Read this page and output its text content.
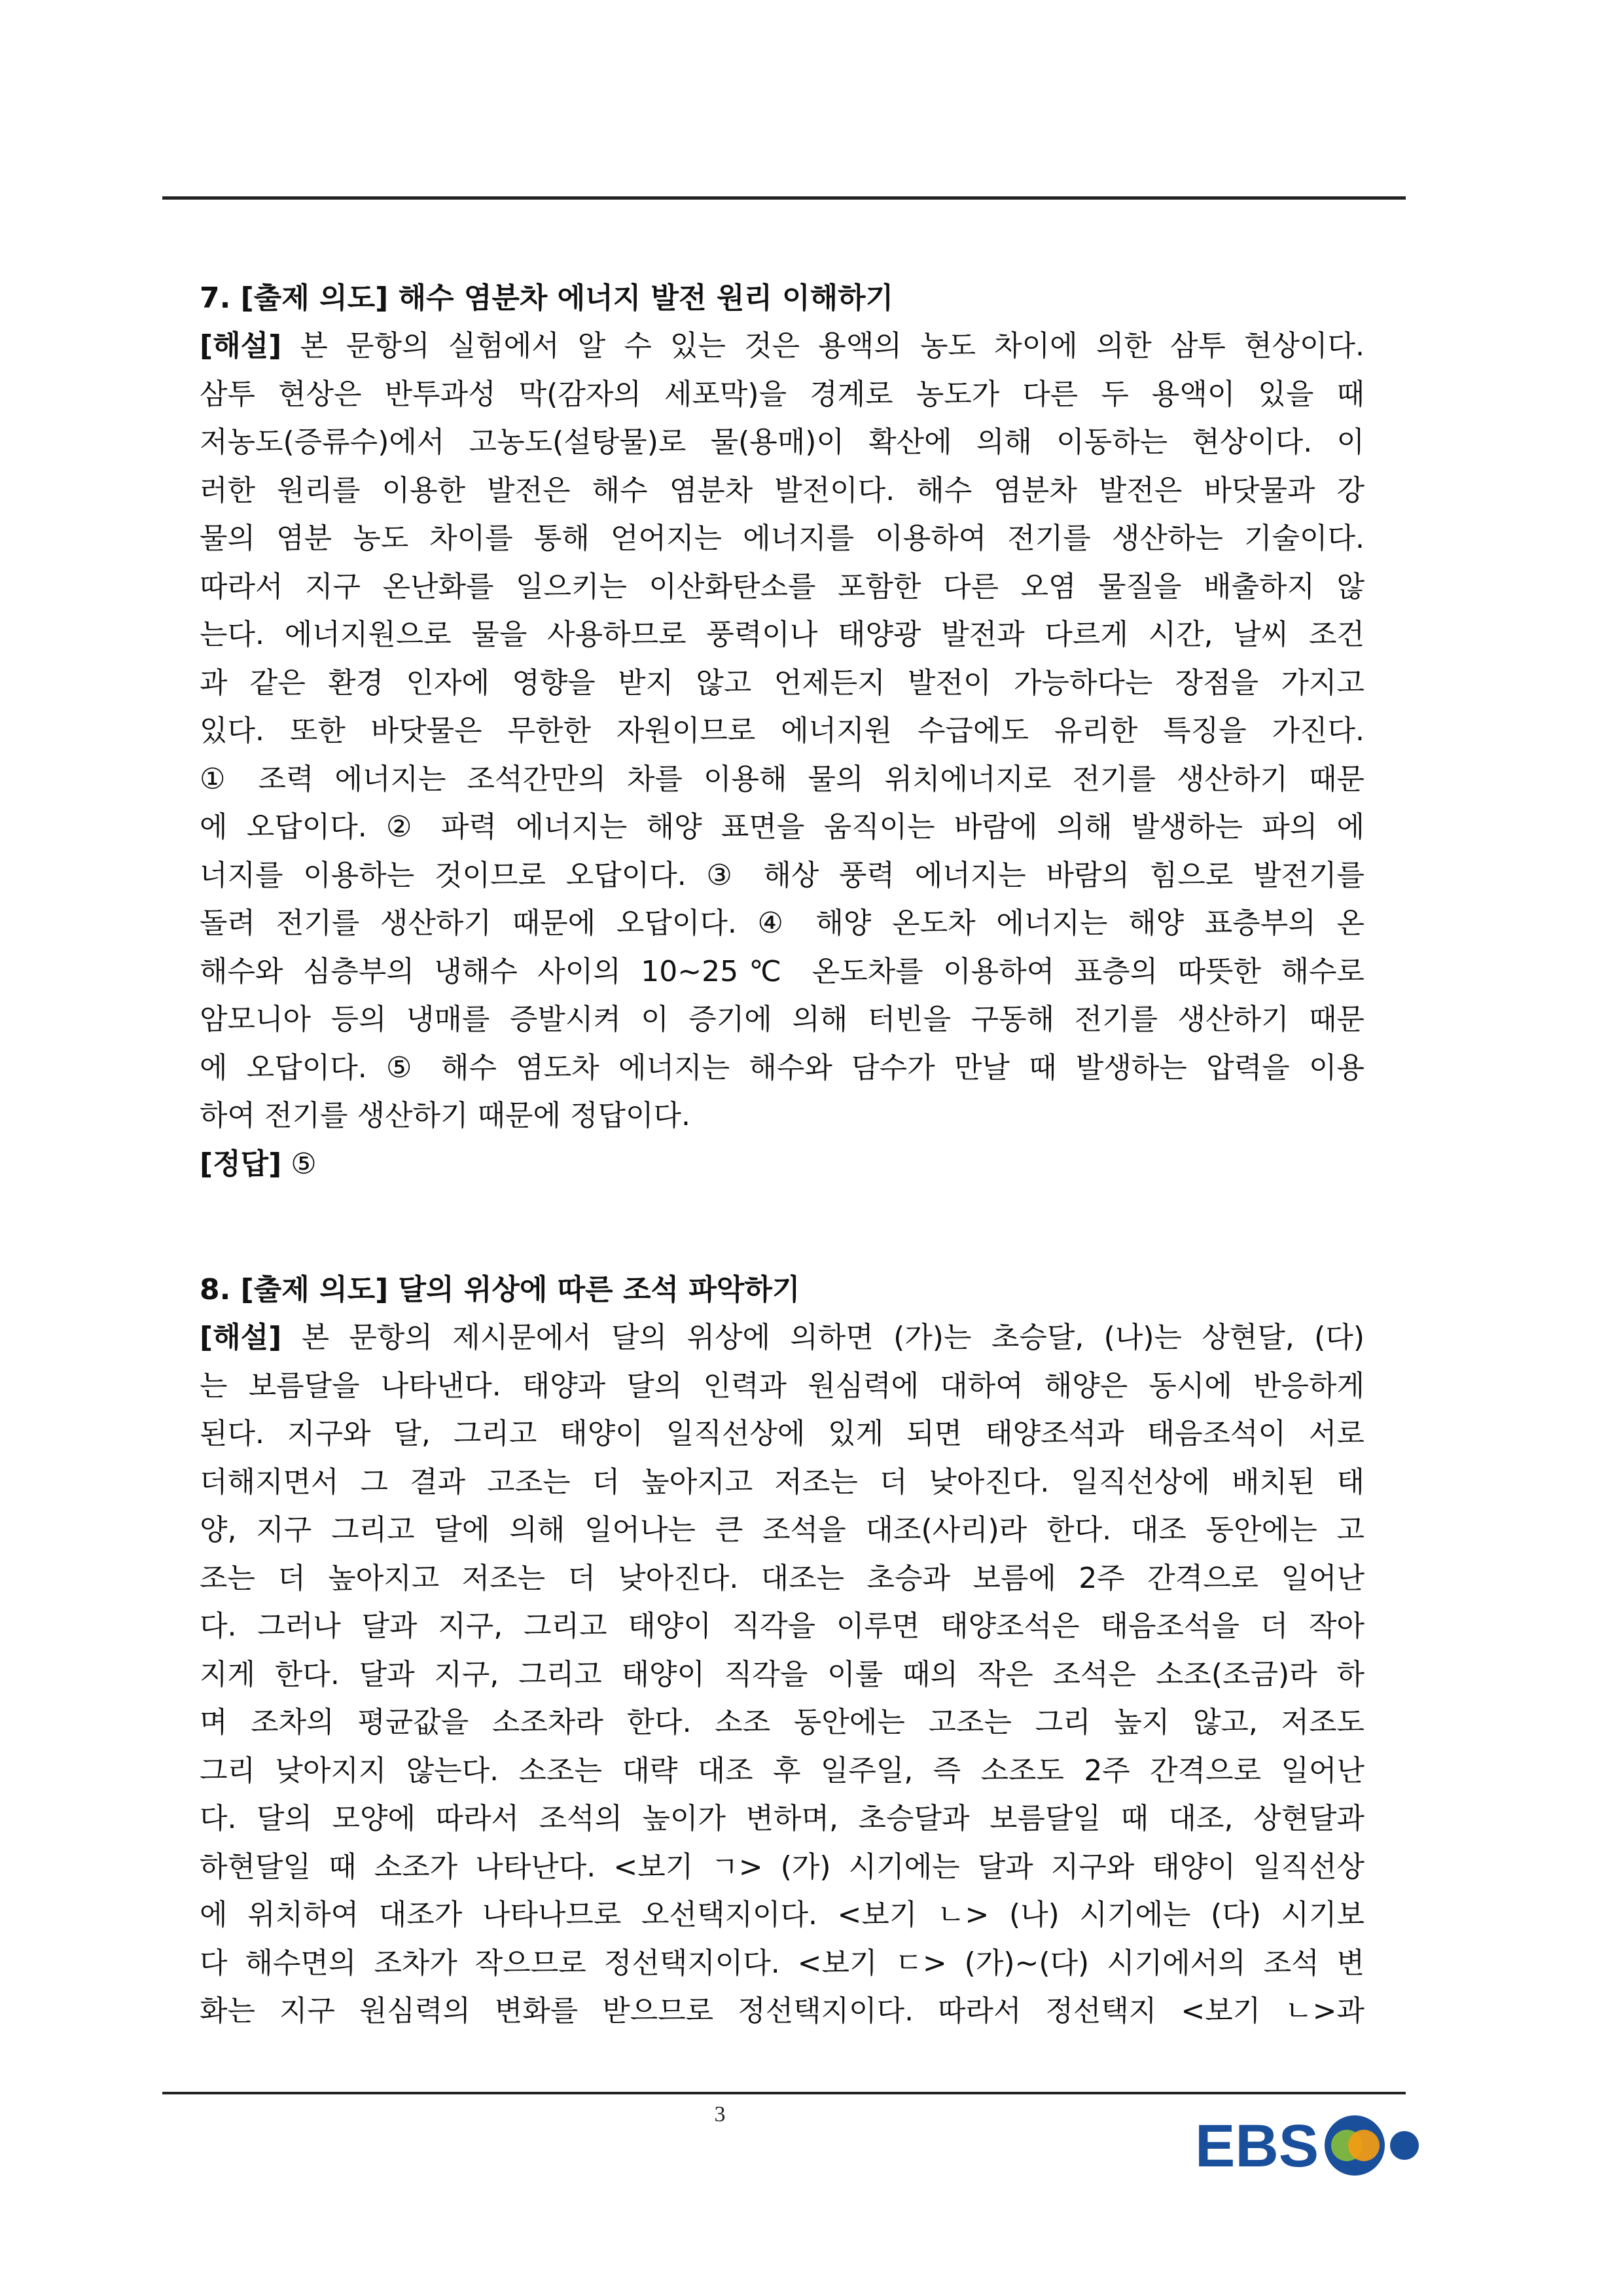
7. [출제 의도] 해수 염분차 에너지 발전 원리 이해하기

[해설] 본 문항의 실험에서 알 수 있는 것은 용액의 농도 차이에 의한 삼투 현상이다.

삼투 현상은 반투과성 막(감자의 세포막)을 경계로 농도가 다른 두 용액이 있을 때

저농도(증류수)에서 고농도(설탕물)로 물(용매)이 확산에 의해 이동하는 현상이다. 이

러한 원리를 이용한 발전은 해수 염분차 발전이다. 해수 염분차 발전은 바닷물과 강

물의 염분 농도 차이를 통해 얻어지는 에너지를 이용하여 전기를 생산하는 기술이다.

따라서 지구 온난화를 일으키는 이산화탄소를 포함한 다른 오염 물질을 배출하지 않

는다. 에너지원으로 물을 사용하므로 풍력이나 태양광 발전과 다르게 시간, 날씨 조건

과 같은 환경 인자에 영향을 받지 않고 언제든지 발전이 가능하다는 장점을 가지고

있다. 또한 바닷물은 무한한 자원이므로 에너지원 수급에도 유리한 특징을 가진다.

① 조력 에너지는 조석간만의 차를 이용해 물의 위치에너지로 전기를 생산하기 때문

에 오답이다. ② 파력 에너지는 해양 표면을 움직이는 바람에 의해 발생하는 파의 에

너지를 이용하는 것이므로 오답이다. ③ 해상 풍력 에너지는 바람의 힘으로 발전기를

돌려 전기를 생산하기 때문에 오답이다. ④ 해양 온도차 에너지는 해양 표층부의 온

해수와 심층부의 냉해수 사이의 10~25℃ 온도차를 이용하여 표층의 따뜻한 해수로

암모니아 등의 냉매를 증발시켜 이 증기에 의해 터빈을 구동해 전기를 생산하기 때문

에 오답이다. ⑤ 해수 염도차 에너지는 해수와 담수가 만날 때 발생하는 압력을 이용

하여 전기를 생산하기 때문에 정답이다.

[정답] ⑤

8. [출제 의도] 달의 위상에 따른 조석 파악하기

[해설] 본 문항의 제시문에서 달의 위상에 의하면 (가)는 초승달, (나)는 상현달, (다)

는 보름달을 나타낸다. 태양과 달의 인력과 원심력에 대하여 해양은 동시에 반응하게

된다. 지구와 달, 그리고 태양이 일직선상에 있게 되면 태양조석과 태음조석이 서로

더해지면서 그 결과 고조는 더 높아지고 저조는 더 낮아진다. 일직선상에 배치된 태

양, 지구 그리고 달에 의해 일어나는 큰 조석을 대조(사리)라 한다. 대조 동안에는 고

조는 더 높아지고 저조는 더 낮아진다. 대조는 초승과 보름에 2주 간격으로 일어난

다. 그러나 달과 지구, 그리고 태양이 직각을 이루면 태양조석은 태음조석을 더 작아

지게 한다. 달과 지구, 그리고 태양이 직각을 이룰 때의 작은 조석은 소조(조금)라 하

며 조차의 평균값을 소조차라 한다. 소조 동안에는 고조는 그리 높지 않고, 저조도

그리 낮아지지 않는다. 소조는 대략 대조 후 일주일, 즉 소조도 2주 간격으로 일어난

다. 달의 모양에 따라서 조석의 높이가 변하며, 초승달과 보름달일 때 대조, 상현달과

하현달일 때 소조가 나타난다. <보기 ㄱ> (가) 시기에는 달과 지구와 태양이 일직선상

에 위치하여 대조가 나타나므로 오선택지이다. <보기 ㄴ> (나) 시기에는 (다) 시기보

다 해수면의 조차가 작으므로 정선택지이다. <보기 ㄷ> (가)~(다) 시기에서의 조석 변

화는 지구 원심력의 변화를 받으므로 정선택지이다. 따라서 정선택지 <보기 ㄴ>과

3	EBS
